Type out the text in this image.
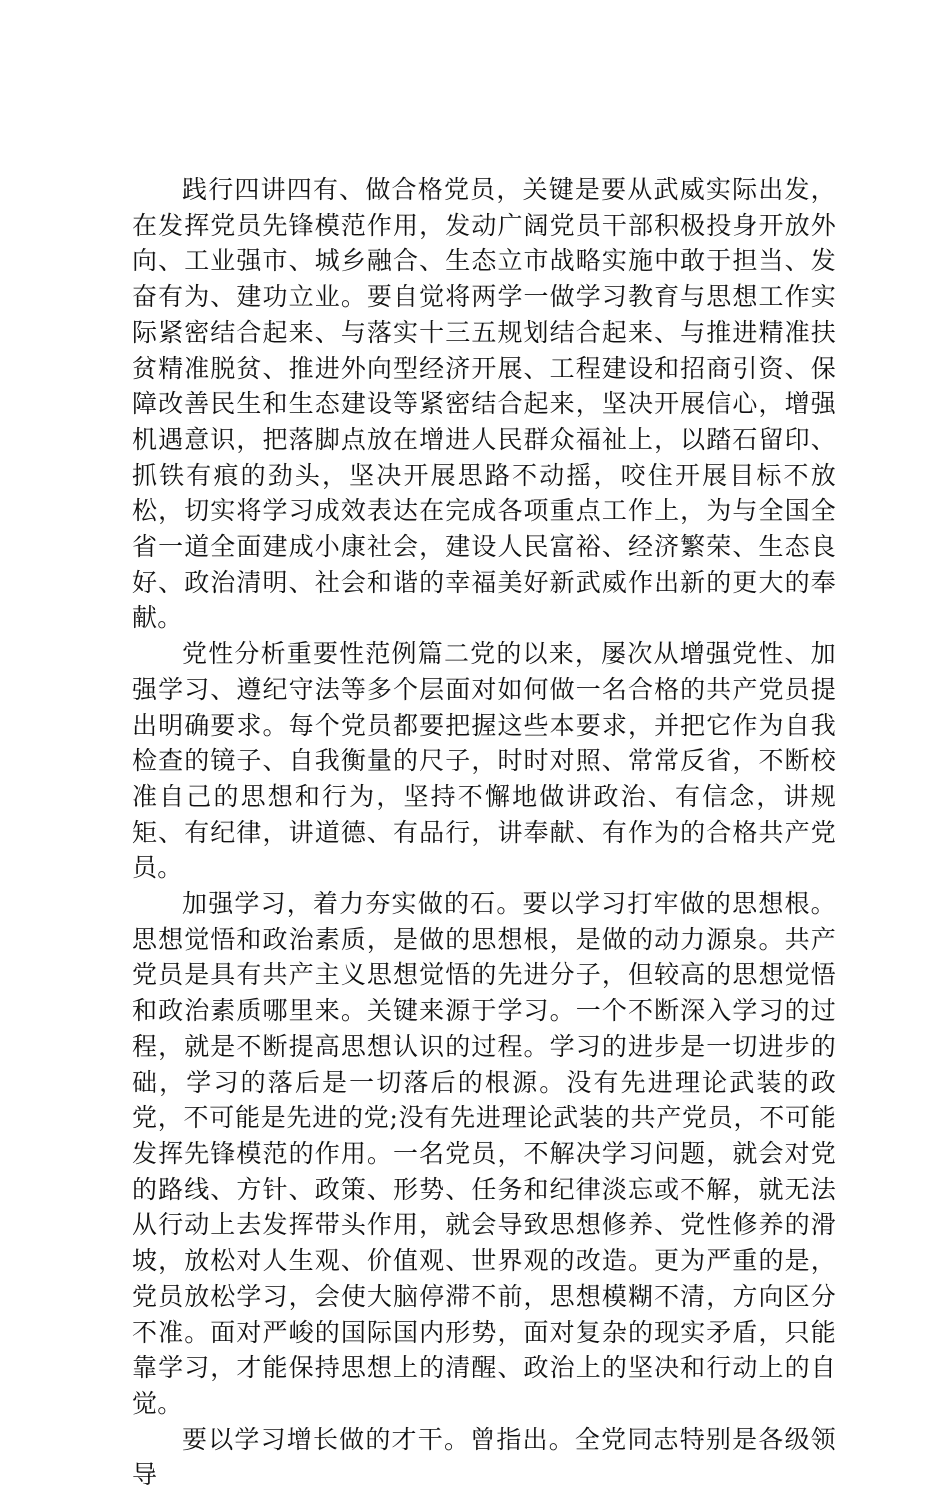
践行四讲四有、做合格党员，关键是要从武威实际出发，在发挥党员先锋模范作用，发动广阔党员干部积极投身开放外向、工业强市、城乡融合、生态立市战略实施中敢于担当、发奋有为、建功立业。要自觉将两学一做学习教育与思想工作实际紧密结合起来、与落实十三五规划结合起来、与推进精准扶贫精准脱贫、推进外向型经济开展、工程建设和招商引资、保障改善民生和生态建设等紧密结合起来，坚决开展信心，增强机遇意识，把落脚点放在增进人民群众福祉上，以踏石留印、抓铁有痕的劲头，坚决开展思路不动摇，咬住开展目标不放松，切实将学习成效表达在完成各项重点工作上，为与全国全省一道全面建成小康社会，建设人民富裕、经济繁荣、生态良好、政治清明、社会和谐的幸福美好新武威作出新的更大的奉献。

党性分析重要性范例篇二党的以来，屡次从增强党性、加强学习、遵纪守法等多个层面对如何做一名合格的共产党员提出明确要求。每个党员都要把握这些本要求，并把它作为自我检查的镜子、自我衡量的尺子，时时对照、常常反省，不断校准自己的思想和行为，坚持不懈地做讲政治、有信念，讲规矩、有纪律，讲道德、有品行，讲奉献、有作为的合格共产党员。

加强学习，着力夯实做的石。要以学习打牢做的思想根。思想觉悟和政治素质，是做的思想根，是做的动力源泉。共产党员是具有共产主义思想觉悟的先进分子，但较高的思想觉悟和政治素质哪里来。关键来源于学习。一个不断深入学习的过程，就是不断提高思想认识的过程。学习的进步是一切进步的础，学习的落后是一切落后的根源。没有先进理论武装的政党，不可能是先进的党;没有先进理论武装的共产党员，不可能发挥先锋模范的作用。一名党员，不解决学习问题，就会对党的路线、方针、政策、形势、任务和纪律淡忘或不解，就无法从行动上去发挥带头作用，就会导致思想修养、党性修养的滑坡，放松对人生观、价值观、世界观的改造。更为严重的是，党员放松学习，会使大脑停滞不前，思想模糊不清，方向区分不准。面对严峻的国际国内形势，面对复杂的现实矛盾，只能靠学习，才能保持思想上的清醒、政治上的坚决和行动上的自觉。

要以学习增长做的才干。曾指出。全党同志特别是各级领导
